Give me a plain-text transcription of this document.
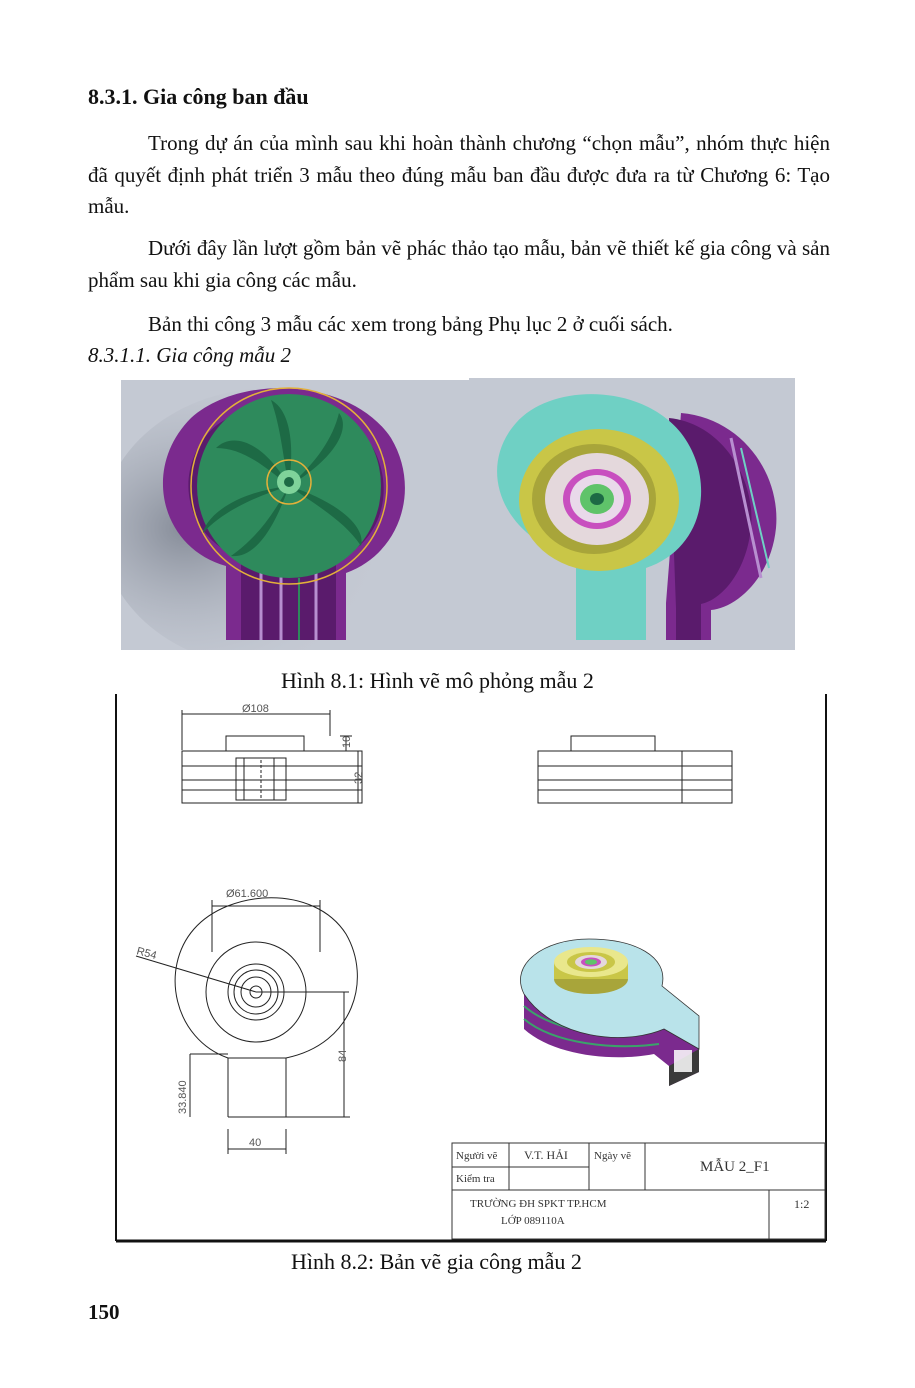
8.3.1. Gia công ban đầu

Trong dự án của mình sau khi hoàn thành chương “chọn mẫu”, nhóm thực hiện đã quyết định phát triển 3 mẫu theo đúng mẫu ban đầu được đưa ra từ Chương 6: Tạo mẫu.

Dưới đây lần lượt gồm bản vẽ phác thảo tạo mẫu, bản vẽ thiết kế gia công và sản phẩm sau khi gia công các mẫu.

Bản thi công 3 mẫu các xem trong bảng Phụ lục 2 ở cuối sách.

8.3.1.1. Gia công mẫu 2
Hình 8.1: Hình vẽ mô phỏng mẫu 2
Ø108
10
32
Ø61.600
R54
84
33.840
40
Người vẽ V.T. HẢI Ngày vẽ
Kiểm tra
MẪU 2_F1
TRƯỜNG ĐH SPKT TP.HCM
LỚP 089110A
1:2
Hình 8.2: Bản vẽ gia công mẫu 2
150
